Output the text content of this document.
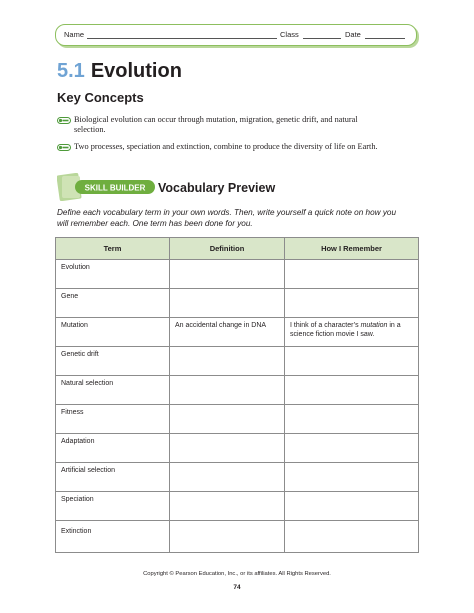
Name	Class	Date
5.1 Evolution
Key Concepts
Biological evolution can occur through mutation, migration, genetic drift, and natural selection.
Two processes, speciation and extinction, combine to produce the diversity of life on Earth.
SKILL BUILDER Vocabulary Preview
Define each vocabulary term in your own words. Then, write yourself a quick note on how you will remember each. One term has been done for you.
Term	Definition	How I Remember
Evolution		
Gene		
Mutation	An accidental change in DNA	I think of a character’s mutation in a science fiction movie I saw.
Genetic drift		
Natural selection		
Fitness		
Adaptation		
Artificial selection		
Speciation		
Extinction		
Copyright © Pearson Education, Inc., or its affiliates. All Rights Reserved.
74
